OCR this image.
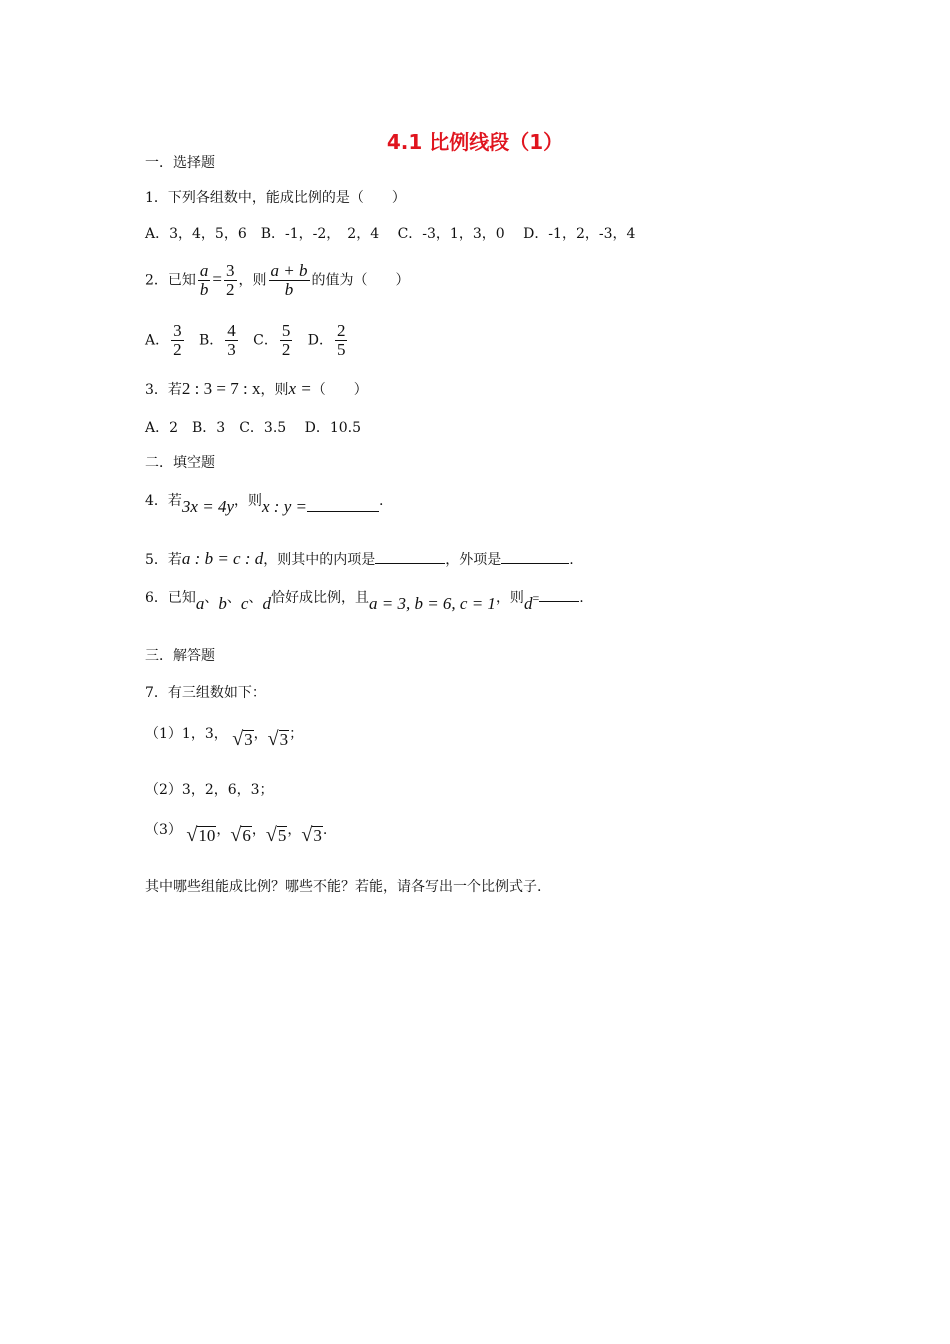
4.1 比例线段（1）
一．选择题
1．下列各组数中，能成比例的是（　　）
A．3，4，5，6　B．-1，-2，　2，4　 C．-3，1，3，0　 D．-1，2，-3，4
2．已知 $\frac{a}{b} = \frac{3}{2}$ ，则 $\frac{a + b}{b}$ 的值为（　　）
A． $\frac{3}{2}$ B． $\frac{4}{3}$ C． $\frac{5}{2}$ D． $\frac{2}{5}$
3．若2 : 3 = 7 : x，则x =（　　）
A．2　B．3　C．3.5　 D．10.5
二．填空题
4．若3x = 4y，则x : y =	.
5．若a : b = c : d，则其中的内项是	，外项是	.
6．已知a、b、c、d恰好成比例，且a = 3, b = 6, c = 1，则d=	.
三．解答题
7．有三组数如下：
（1）1，3， √3，√3；
（2）3，2，6，3；
（3） √10，√6，√5，√3.
其中哪些组能成比例？哪些不能？若能，请各写出一个比例式子.
